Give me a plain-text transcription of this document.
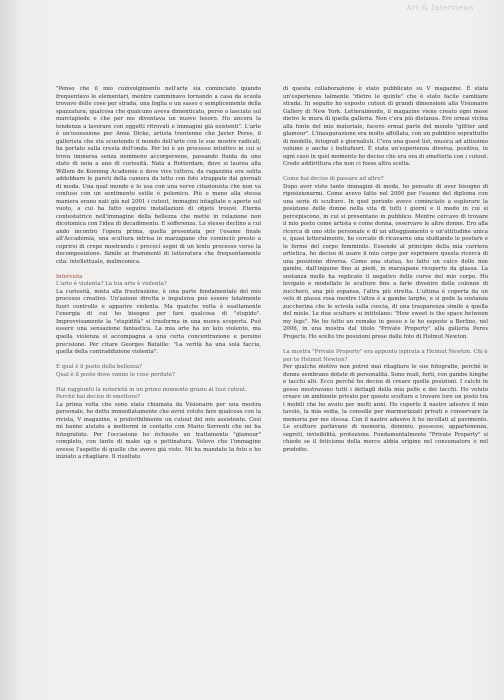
Art & Interviews

"Penso che il mio coinvolgimento nell'arte sia cominciato quando frequentavo le elementari, mentre camminavo tornando a casa da scuola trovavo delle cose per strada, una foglia o un sasso o semplicemente della spazzatura; qualcosa che qualcuno aveva dimenticato, perso o lasciato sul marciapiede e che per me diventava un nuovo tesoro. Ho ancora la tendenza a lavorare con oggetti ritrovati e immagini già esistenti". L'arte è un'ossessione per Amie Dicke, artista trentenne che Javier Peres, il gallerista che sta scuotendo il mondo dell'arte con le sue mostre radicali, ha portato sulla cresta dell'onda. Per lei è un processo intuitivo in cui si trova immersa senza nemmeno accorgersene, passando fluida da uno stato di noia a uno di curiosità. Nata a Rotterdam, dove si laurea alla Willem de Kooning Academie e dove vive tuttora, da ragazzina era solita addobbare le pareti della camera da letto con foto strappate dai giornali di moda. Una qual mondo e lo usa con una verve citazionista che non va confuso con un sentimento ostile o polemico. Più o meno alla stessa maniera erano nati già nel 2001 i cutout, immagini intagliate e aperte sul vuoto, a cui ha fatto seguire installazioni di objets trouvé. Eterna contestatrice nell'immagine della bellezza che mette in relazione non dicotomica con l'idea di decadimento. E sofferenza. Lo stesso declino a cui ando incontro l'opera prima, quella presentata per l'esame finale all'Accademia, una scultura intrisa in marzapane che cominciò presto a coprirsi di crepe mostrando i precoci segni di un lento processo verso la decomposizione. Simile ai frammenti di letteratura che frequentamente cita: intellettuale, malinconica.

Intervista
L'arte è violenta? La tua arte è violenta?

La curiosità, mista alla frustrazione, è una parte fondamentale del mio processo creativo. Un'azione diretta e impulsiva può essere totalmente fuori controllo e apparire violenta. Ma qualche volta è esattamente l'energia di cui ho bisogno per fare qualcosa di "stupido". Improvvisamente la "stupidità" si trasforma in una nuova scoperta. Può essere una sensazione fantastica. La mia arte ha un lato violento, ma quella violenza si accompagna a una certa concentrazione e persino precisione. Per citare Georges Bataille: "La verità ha una sola faccia, quella della contraddizione violenta".

E qual è il posto della bellezza?
Qual è il posto dove vanno le cose perdute?
Hai raggiunto la notorietà in un primo momento grazie ai tuoi cutout. Perché hai deciso di smettere?

La prima volta che sono stata chiamata da Visionaire per una mostra personale, ho detto immediatamente che avrei voluto fare qualcosa con la rivista, V magazine, e preferibilmente un cutout del mio assistente. Così mi hanno aiutato a mettermi in contatto con Mario Sorrenti che mi ha fotografato. Per l'occasione ho richiesto un trattamento "glamour" completo, con tanto di make up e pettinatura. Volevo che l'immagine avesse l'aspetto di quelle che avevo già visto. Mi ha mandato la foto e ho iniziato a ritagliare. Il risultato

di questa collaborazione è stato pubblicato su V magazine. È stata un'esperienza talmente "dietro le quinte" che è stato facile cambiare strada. In seguito ho esposto cutout di grandi dimensioni alla Visionaire Gallery di New York. Letteralmente, il magazine viene creato ogni mese dietro le mura di quella galleria. Non c'era più distanza. Ero ormai vicina alla fonte del mio materiale, facevo ormai parte del mondo "glitter and glamour". L'inaugurazione era molto affollata, con un pubblico soprattutto di modelle, fotografi e giornalisti. C'era una guest list, musica ad altissimo volume e anche i buttafuori. È stata un'esperienza diversa, positiva, in ogni caso in quel momento ho deciso che era ora di smetterla con i cutout. Credo addirittura che non ci fosse altra scelta.

Come hai deciso di passare ad altro?

Dopo aver visto tante immagini di moda, ho pensato di aver bisogno di riposizionarmi. Come avevo fatto nel 2000 per l'esame del diploma con una serie di sculture. In quel periodo avevo cominciato a esplorare la posizione delle donne nella vita di tutti i giorni e il modo in cui si percepiscono, in cui si presentano in pubblico. Mentre cercavo di trovare il mio posto come artista e come donna, osservavo le altre donne. Ero alla ricerca di uno stile personale e di un atteggiamento o un'attitudine unica e, quasi letteralmente, ho cercato di ricavarne una studiando le posture e le forme del corpo femminile. Essendo al principio della mia carriera artistica, ho deciso di usare il mio corpo per esprimere questa ricerca di una posizione diversa. Come una statua, ho fatto un calco delle mie gambe, dall'inguine fino ai piedi, in marzapane ricoperto da glassa. La sostanza molle ha replicato il negativo delle curve del mio corpo. Ho levigato e modellato le sculture fino a farle divenire delle colonne di zucchero, una più espansa, l'altra più stretta. L'ultima è coperta da un velo di glassa rosa mentre l'altra è a gambe larghe, e si gode la sostanza zuccherina che le scivola sulla coscia, di una trasparenza simile a quella del miele. Le due sculture si intitolano: "How sweet is the space between my legs". Ne ho fatto un remake in gesso e le ho esposte a Berlino, nel 2006, in una mostra dal titolo "Private Property" alla galleria Peres Projects. Ho scelto tre posizioni prese dalle foto di Helmut Newton.

La mostra "Private Property" era appunto ispirata a Helmut Newton. Chi è per te Helmut Newton?

Per qualche motivo non potrei mai ritagliare le sue fotografie, perché le donne sembrano dotate di personalità. Sono reali, forti, con gambe lunghe e tacchi alti. Ecco perché ho deciso di creare quelle posizioni. I calchi in gesso mostravano tutti i dettagli della mia pelle e dei tacchi. Ho voluto creare un ambiente privato per queste sculture e trovare loro un posto tra i mobili che ho avuto per molti anni. Ho coperto il nastro adesivo il mio tavolo, la mia sedia, la consolle per marmorizzati privati e conservare la memoria per me stessa. Con il nastro adesivo li ho incollati al pavimento. Le sculture parlavano di memoria, dominio, possesso, appartenenza, segreti, invisibilità, protezione. Fondamentalmente "Private Property" si chiede se il feticismo della merce abbia origine nel consumatore o nel prodotto.
